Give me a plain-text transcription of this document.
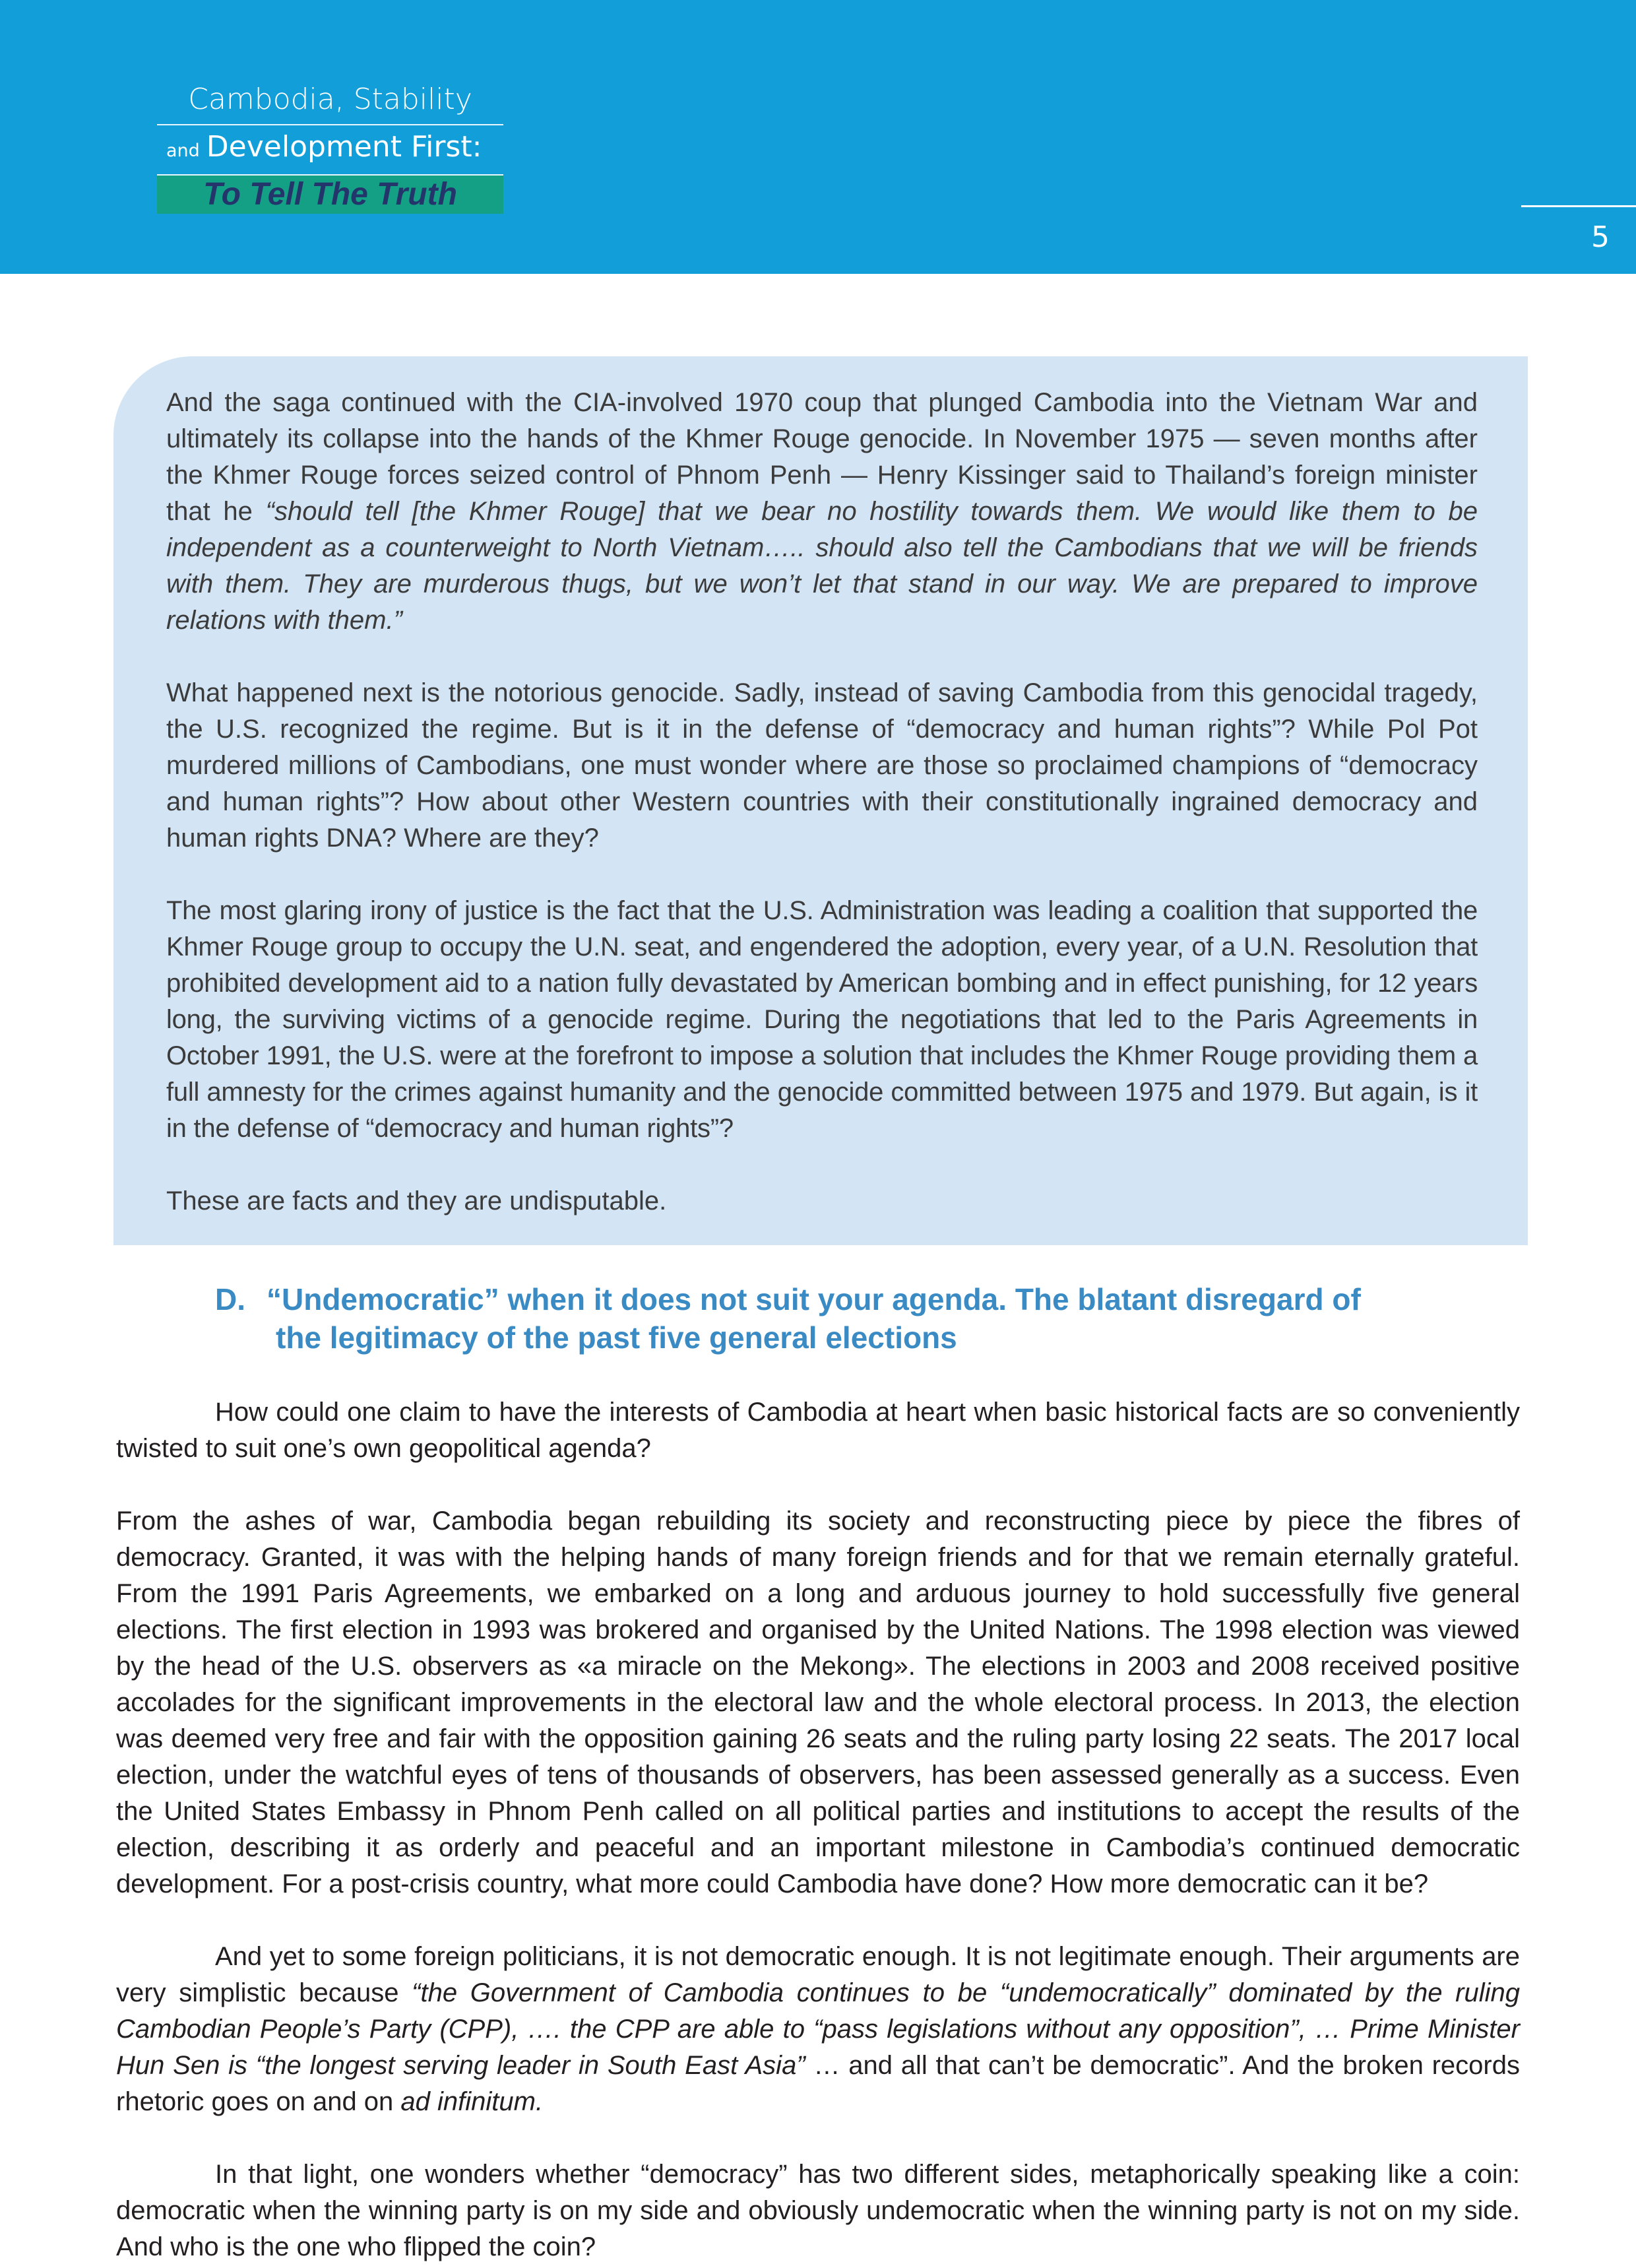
Cambodia, Stability
and Development First:
To Tell The Truth
5

And the saga continued with the CIA-involved 1970 coup that plunged Cambodia into the Vietnam War and ultimately its collapse into the hands of the Khmer Rouge genocide. In November 1975 — seven months after the Khmer Rouge forces seized control of Phnom Penh — Henry Kissinger said to Thailand’s foreign minister that he “should tell [the Khmer Rouge] that we bear no hostility towards them. We would like them to be independent as a counterweight to North Vietnam….. should also tell the Cambodians that we will be friends with them. They are murderous thugs, but we won’t let that stand in our way. We are prepared to improve relations with them.”

What happened next is the notorious genocide. Sadly, instead of saving Cambodia from this genocidal tragedy, the U.S. recognized the regime. But is it in the defense of “democracy and human rights”? While Pol Pot murdered millions of Cambodians, one must wonder where are those so proclaimed champions of “democracy and human rights”? How about other Western countries with their constitutionally ingrained democracy and human rights DNA? Where are they?

The most glaring irony of justice is the fact that the U.S. Administration was leading a coalition that supported the Khmer Rouge group to occupy the U.N. seat, and engendered the adoption, every year, of a U.N. Resolution that prohibited development aid to a nation fully devastated by American bombing and in effect punishing, for 12 years long, the surviving victims of a genocide regime. During the negotiations that led to the Paris Agreements in October 1991, the U.S. were at the forefront to impose a solution that includes the Khmer Rouge providing them a full amnesty for the crimes against humanity and the genocide committed between 1975 and 1979. But again, is it in the defense of “democracy and human rights”?

These are facts and they are undisputable.

D. “Undemocratic” when it does not suit your agenda. The blatant disregard of
the legitimacy of the past five general elections

How could one claim to have the interests of Cambodia at heart when basic historical facts are so conveniently twisted to suit one’s own geopolitical agenda?

From the ashes of war, Cambodia began rebuilding its society and reconstructing piece by piece the fibres of democracy. Granted, it was with the helping hands of many foreign friends and for that we remain eternally grateful. From the 1991 Paris Agreements, we embarked on a long and arduous journey to hold successfully five general elections. The first election in 1993 was brokered and organised by the United Nations. The 1998 election was viewed by the head of the U.S. observers as «a miracle on the Mekong». The elections in 2003 and 2008 received positive accolades for the significant improvements in the electoral law and the whole electoral process. In 2013, the election was deemed very free and fair with the opposition gaining 26 seats and the ruling party losing 22 seats. The 2017 local election, under the watchful eyes of tens of thousands of observers, has been assessed generally as a success. Even the United States Embassy in Phnom Penh called on all political parties and institutions to accept the results of the election, describing it as orderly and peaceful and an important milestone in Cambodia’s continued democratic development. For a post-crisis country, what more could Cambodia have done? How more democratic can it be?

And yet to some foreign politicians, it is not democratic enough. It is not legitimate enough. Their arguments are very simplistic because “the Government of Cambodia continues to be “undemocratically” dominated by the ruling Cambodian People’s Party (CPP), …. the CPP are able to “pass legislations without any opposition”, … Prime Minister Hun Sen is “the longest serving leader in South East Asia” … and all that can’t be democratic”. And the broken records rhetoric goes on and on ad infinitum.

In that light, one wonders whether “democracy” has two different sides, metaphorically speaking like a coin: democratic when the winning party is on my side and obviously undemocratic when the winning party is not on my side. And who is the one who flipped the coin?
